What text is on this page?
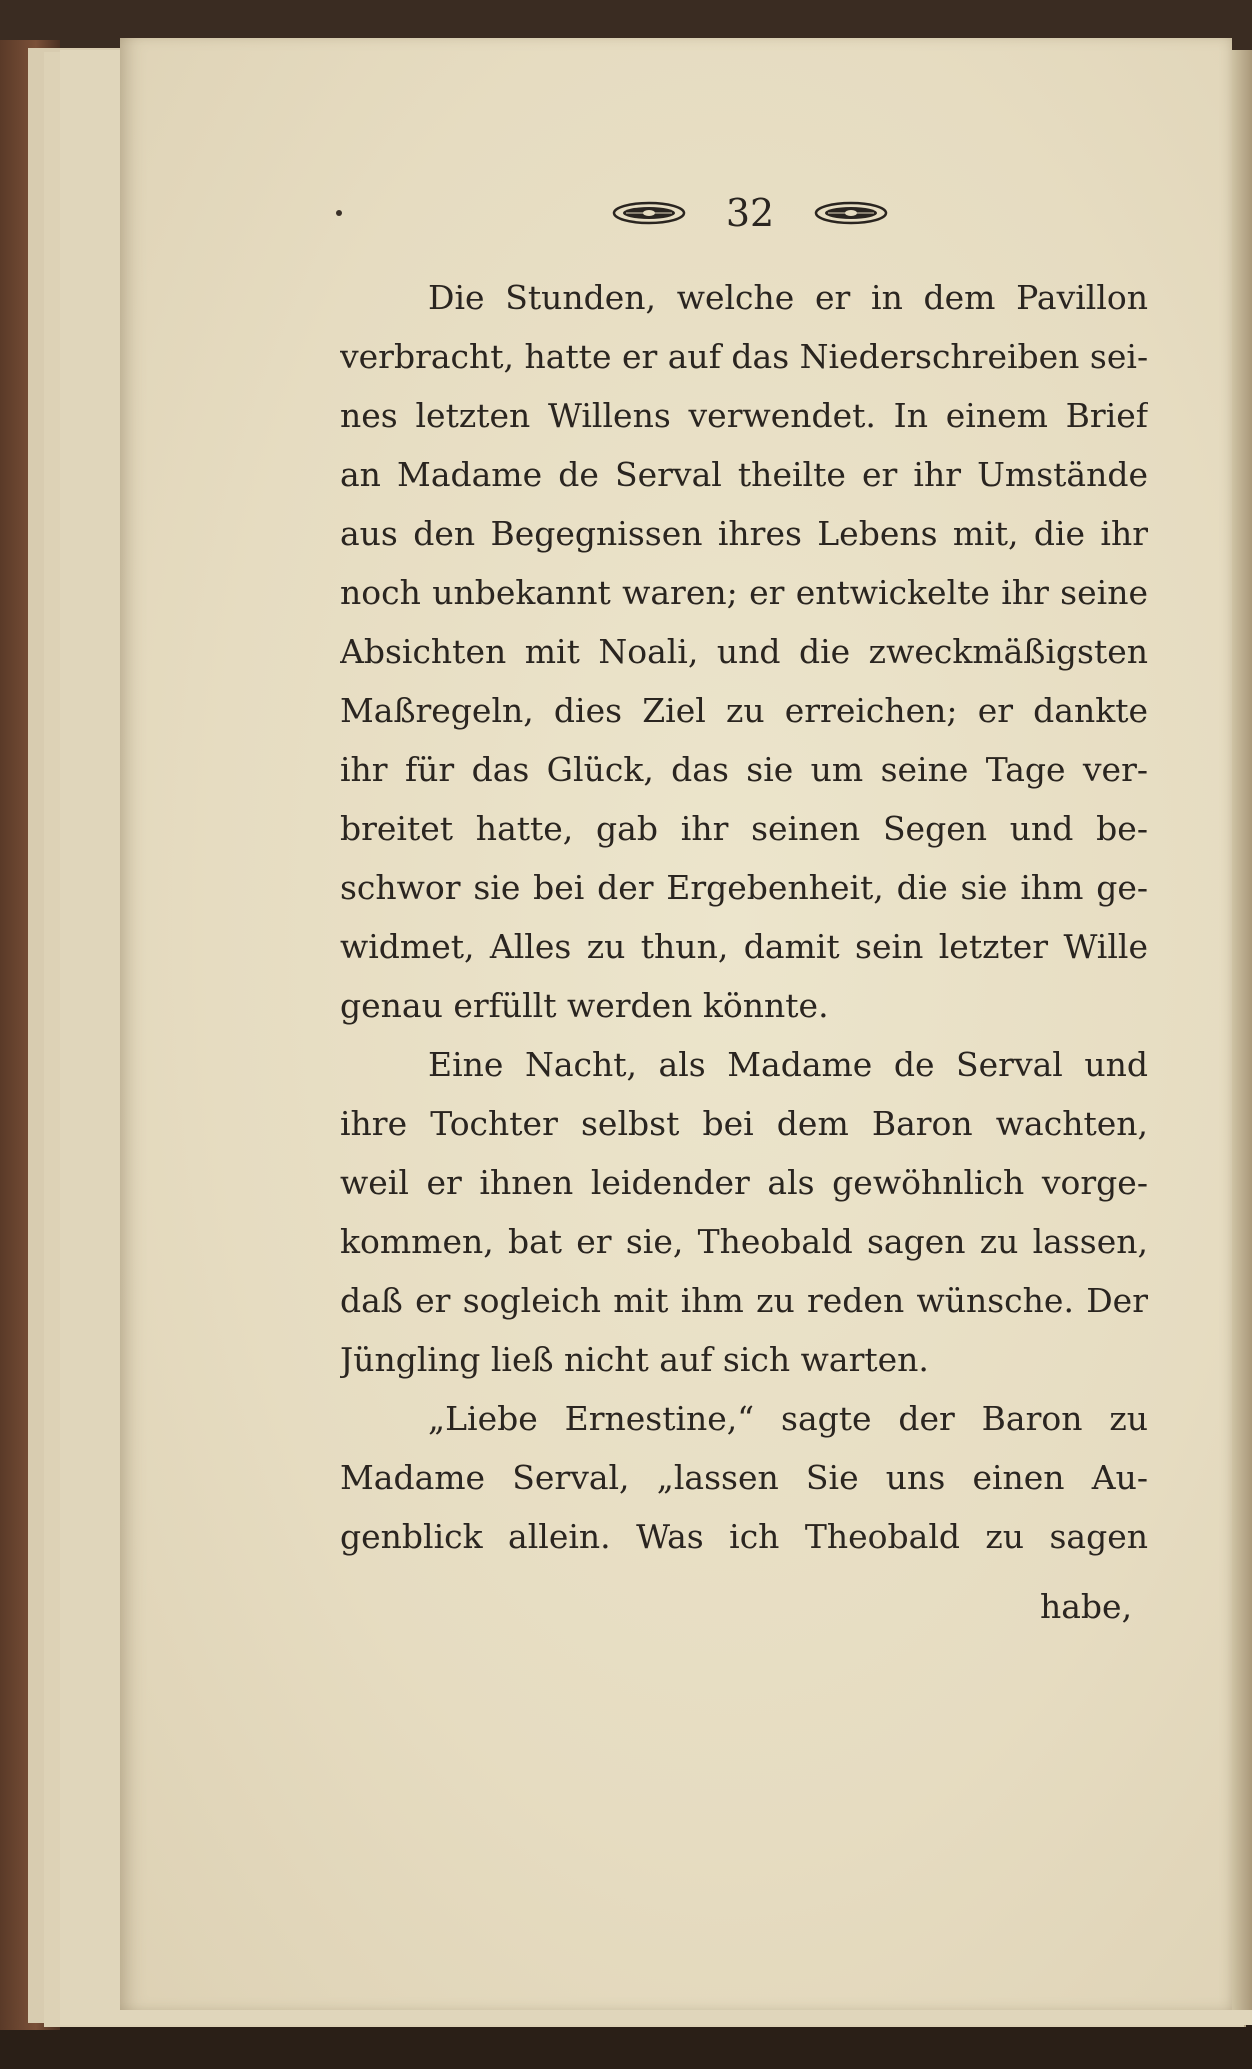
32
Die Stunden, welche er in dem Pavillon
verbracht, hatte er auf das Niederschreiben sei-
nes letzten Willens verwendet. In einem Brief
an Madame de Serval theilte er ihr Umstände
aus den Begegnissen ihres Lebens mit, die ihr
noch unbekannt waren; er entwickelte ihr seine
Absichten mit Noali, und die zweckmäßigsten
Maßregeln, dies Ziel zu erreichen; er dankte
ihr für das Glück, das sie um seine Tage ver-
breitet hatte, gab ihr seinen Segen und be-
schwor sie bei der Ergebenheit, die sie ihm ge-
widmet, Alles zu thun, damit sein letzter Wille
genau erfüllt werden könnte.
Eine Nacht, als Madame de Serval und
ihre Tochter selbst bei dem Baron wachten,
weil er ihnen leidender als gewöhnlich vorge-
kommen, bat er sie, Theobald sagen zu lassen,
daß er sogleich mit ihm zu reden wünsche. Der
Jüngling ließ nicht auf sich warten.
„Liebe Ernestine,“ sagte der Baron zu
Madame Serval, „lassen Sie uns einen Au-
genblick allein. Was ich Theobald zu sagen
habe,
